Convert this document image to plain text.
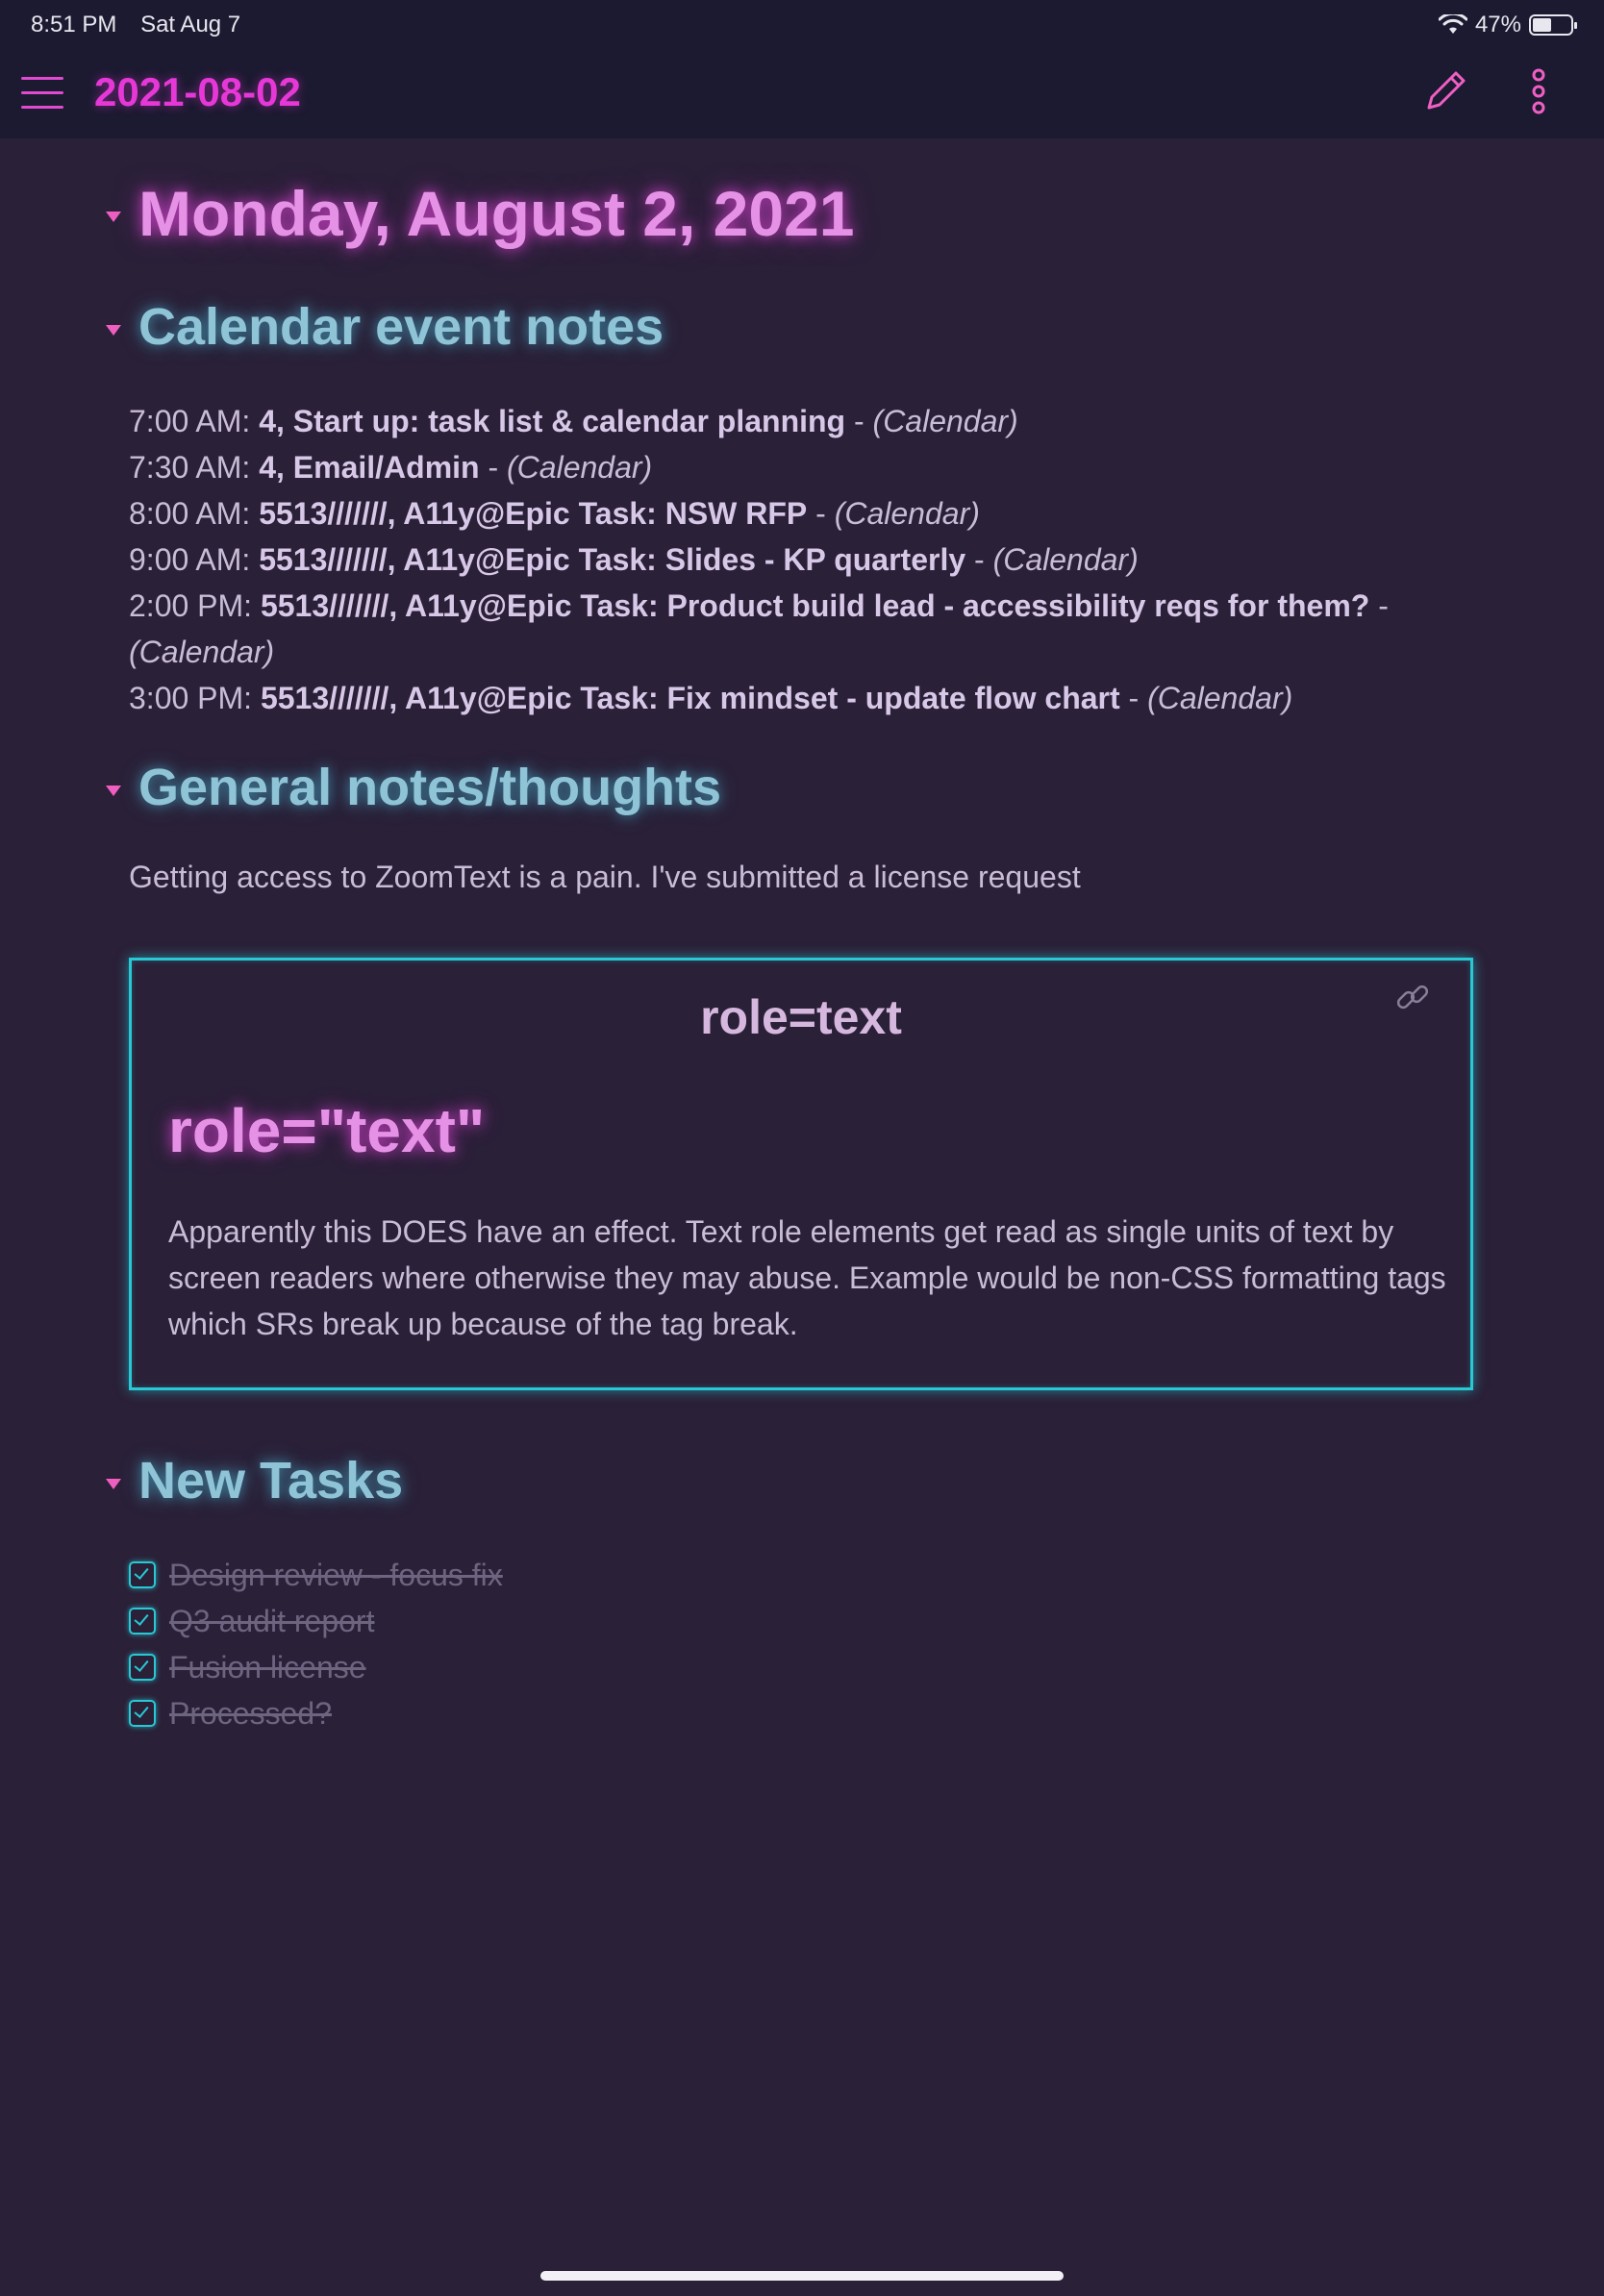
8:51 PM Sat Aug 7	47%
2021-08-02
Monday, August 2, 2021
Calendar event notes
7:00 AM: 4, Start up: task list & calendar planning - (Calendar)
7:30 AM: 4, Email/Admin - (Calendar)
8:00 AM: 5513///////, A11y@Epic Task: NSW RFP - (Calendar)
9:00 AM: 5513///////, A11y@Epic Task: Slides - KP quarterly - (Calendar)
2:00 PM: 5513///////, A11y@Epic Task: Product build lead - accessibility reqs for them? - (Calendar)
3:00 PM: 5513///////, A11y@Epic Task: Fix mindset - update flow chart - (Calendar)
General notes/thoughts
Getting access to ZoomText is a pain. I've submitted a license request
role=text
role="text"
Apparently this DOES have an effect. Text role elements get read as single units of text by screen readers where otherwise they may abuse. Example would be non-CSS formatting tags which SRs break up because of the tag break.
New Tasks
Design review - focus fix
Q3 audit report
Fusion license
Processed?
